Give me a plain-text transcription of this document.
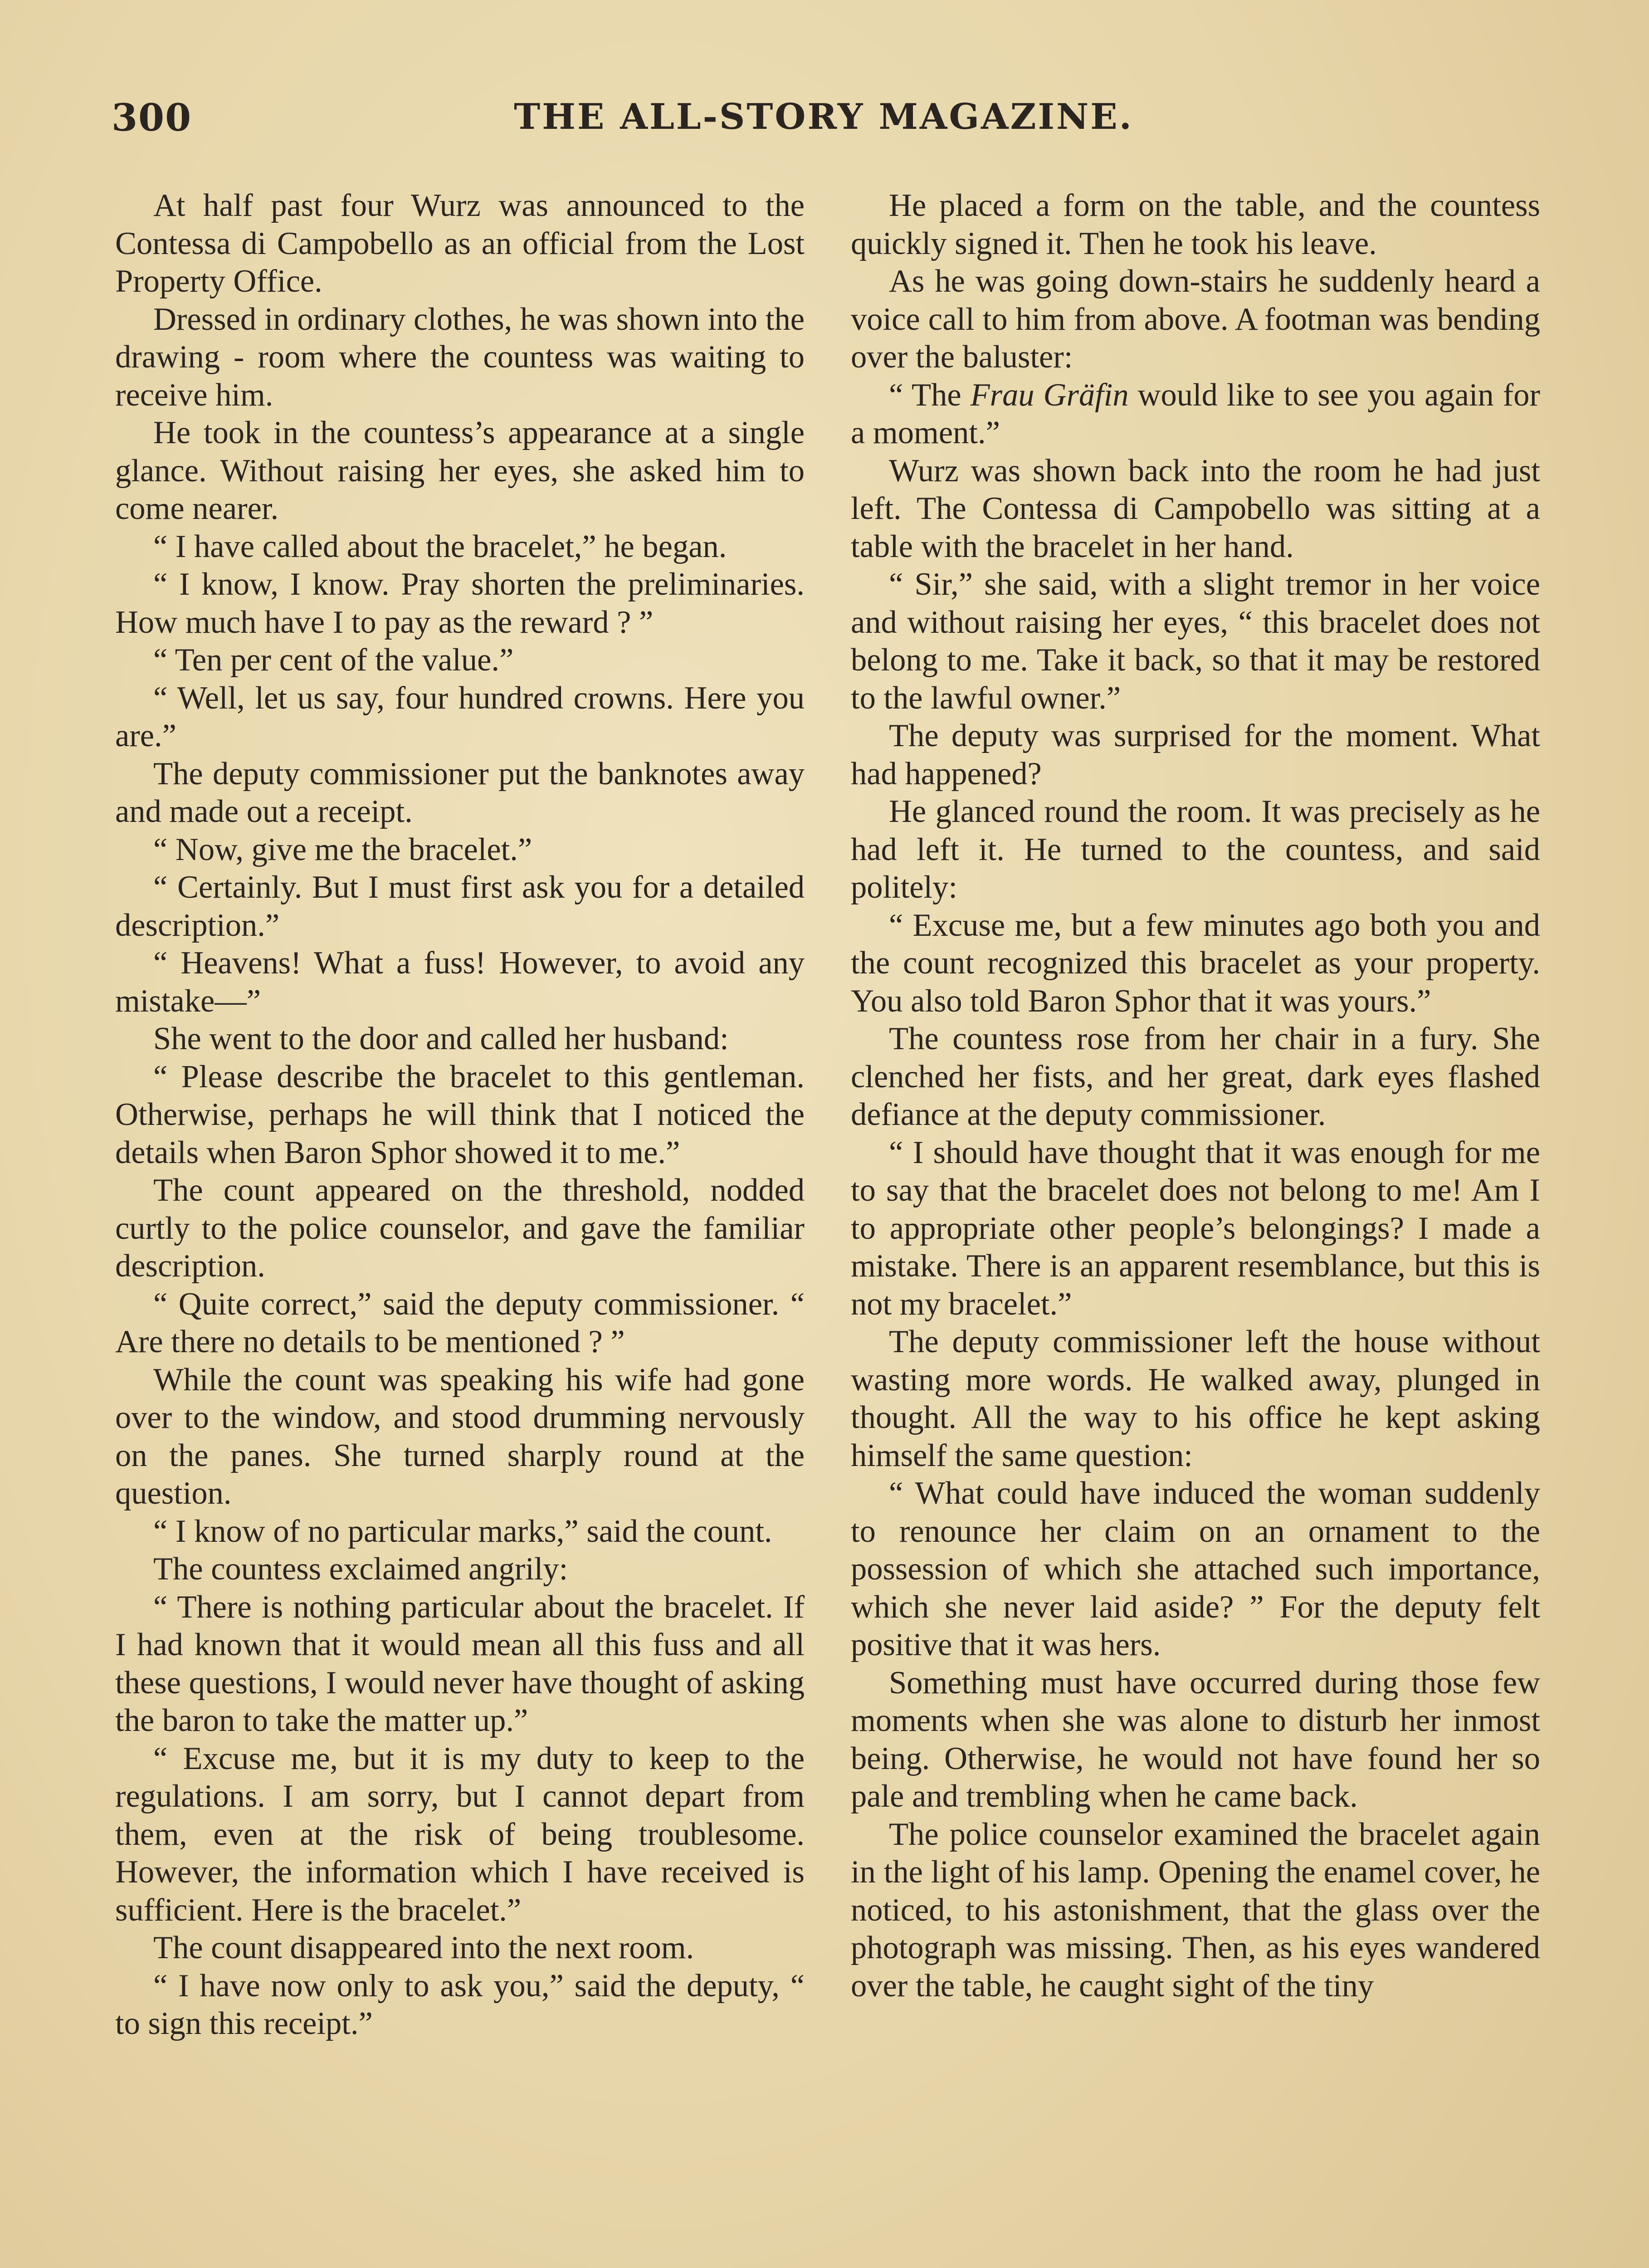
300	THE ALL-STORY MAGAZINE.

At half past four Wurz was announced to the Contessa di Campobello as an official from the Lost Property Office.

Dressed in ordinary clothes, he was shown into the drawing - room where the countess was waiting to receive him.

He took in the countess’s appearance at a single glance. Without raising her eyes, she asked him to come nearer.

“ I have called about the bracelet,” he began.

“ I know, I know. Pray shorten the preliminaries. How much have I to pay as the reward ? ”

“ Ten per cent of the value.”

“ Well, let us say, four hundred crowns. Here you are.”

The deputy commissioner put the banknotes away and made out a receipt.

“ Now, give me the bracelet.”

“ Certainly. But I must first ask you for a detailed description.”

“ Heavens! What a fuss! However, to avoid any mistake—”

She went to the door and called her husband:

“ Please describe the bracelet to this gentleman. Otherwise, perhaps he will think that I noticed the details when Baron Sphor showed it to me.”

The count appeared on the threshold, nodded curtly to the police counselor, and gave the familiar description.

“ Quite correct,” said the deputy commissioner. “ Are there no details to be mentioned ? ”

While the count was speaking his wife had gone over to the window, and stood drumming nervously on the panes. She turned sharply round at the question.

“ I know of no particular marks,” said the count.

The countess exclaimed angrily:

“ There is nothing particular about the bracelet. If I had known that it would mean all this fuss and all these questions, I would never have thought of asking the baron to take the matter up.”

“ Excuse me, but it is my duty to keep to the regulations. I am sorry, but I cannot depart from them, even at the risk of being troublesome. However, the information which I have received is sufficient. Here is the bracelet.”

The count disappeared into the next room.

“ I have now only to ask you,” said the deputy, “ to sign this receipt.”

He placed a form on the table, and the countess quickly signed it. Then he took his leave.

As he was going down-stairs he suddenly heard a voice call to him from above. A footman was bending over the baluster:

“ The Frau Gräfin would like to see you again for a moment.”

Wurz was shown back into the room he had just left. The Contessa di Campobello was sitting at a table with the bracelet in her hand.

“ Sir,” she said, with a slight tremor in her voice and without raising her eyes, “ this bracelet does not belong to me. Take it back, so that it may be restored to the lawful owner.”

The deputy was surprised for the moment. What had happened?

He glanced round the room. It was precisely as he had left it. He turned to the countess, and said politely:

“ Excuse me, but a few minutes ago both you and the count recognized this bracelet as your property. You also told Baron Sphor that it was yours.”

The countess rose from her chair in a fury. She clenched her fists, and her great, dark eyes flashed defiance at the deputy commissioner.

“ I should have thought that it was enough for me to say that the bracelet does not belong to me! Am I to appropriate other people’s belongings? I made a mistake. There is an apparent resemblance, but this is not my bracelet.”

The deputy commissioner left the house without wasting more words. He walked away, plunged in thought. All the way to his office he kept asking himself the same question:

“ What could have induced the woman suddenly to renounce her claim on an ornament to the possession of which she attached such importance, which she never laid aside? ” For the deputy felt positive that it was hers.

Something must have occurred during those few moments when she was alone to disturb her inmost being. Otherwise, he would not have found her so pale and trembling when he came back.

The police counselor examined the bracelet again in the light of his lamp. Opening the enamel cover, he noticed, to his astonishment, that the glass over the photograph was missing. Then, as his eyes wandered over the table, he caught sight of the tiny
